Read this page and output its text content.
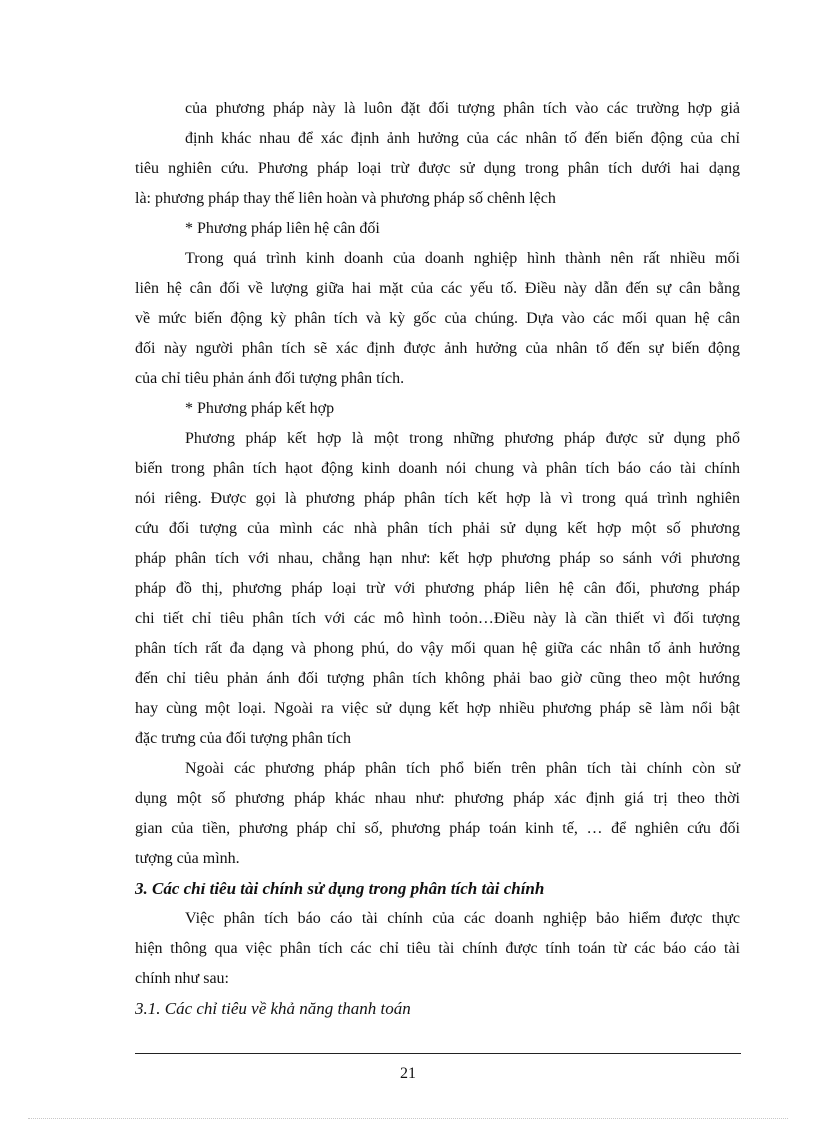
của phương pháp này là luôn đặt đối tượng phân tích vào các trường hợp giả
định khác nhau để xác định ảnh hưởng của các nhân tố đến biến động của chỉ
tiêu nghiên cứu. Phương pháp loại trừ được sử dụng trong phân tích dưới hai dạng
là: phương pháp thay thế liên hoàn và phương pháp số chênh lệch
* Phương pháp liên hệ cân đối
Trong quá trình kinh doanh của doanh nghiệp hình thành nên rất nhiều mối
liên hệ cân đối về lượng giữa hai mặt của các yếu tố. Điều này dẫn đến sự cân bằng
về mức biến động kỳ phân tích và kỳ gốc của chúng. Dựa vào các mối quan hệ cân
đối này người phân tích sẽ xác định được ảnh hưởng của nhân tố đến sự biến động
của chỉ tiêu phản ánh đối tượng phân tích.
* Phương pháp kết hợp
Phương pháp kết hợp là một trong những phương pháp được sử dụng phổ
biến trong phân tích hạot động kinh doanh nói chung và phân tích báo cáo tài chính
nói riêng. Được gọi là phương pháp phân tích kết hợp là vì trong quá trình nghiên
cứu đối tượng của mình các nhà phân tích phải sử dụng kết hợp một số phương
pháp phân tích với nhau, chẳng hạn như: kết hợp phương pháp so sánh với phương
pháp đồ thị, phương pháp loại trừ với phương pháp liên hệ cân đối, phương pháp
chi tiết chỉ tiêu phân tích với các mô hình toỏn…Điều này là cần thiết vì đối tượng
phân tích rất đa dạng và phong phú, do vậy mối quan hệ giữa các nhân tố ảnh hưởng
đến chỉ tiêu phản ánh đối tượng phân tích không phải bao giờ cũng theo một hướng
hay cùng một loại. Ngoài ra việc sử dụng kết hợp nhiều phương pháp sẽ làm nổi bật
đặc trưng của đối tượng phân tích
Ngoài các phương pháp phân tích phổ biến trên phân tích tài chính còn sử
dụng một số phương pháp khác nhau như: phương pháp xác định giá trị theo thời
gian của tiền, phương pháp chỉ số, phương pháp toán kinh tế, … để nghiên cứu đối
tượng của mình.
3. Các chỉ tiêu tài chính sử dụng trong phân tích tài chính
Việc phân tích báo cáo tài chính của các doanh nghiệp bảo hiểm được thực
hiện thông qua việc phân tích các chỉ tiêu tài chính được tính toán từ các báo cáo tài
chính như sau:
3.1. Các chỉ tiêu về khả năng thanh toán
21
